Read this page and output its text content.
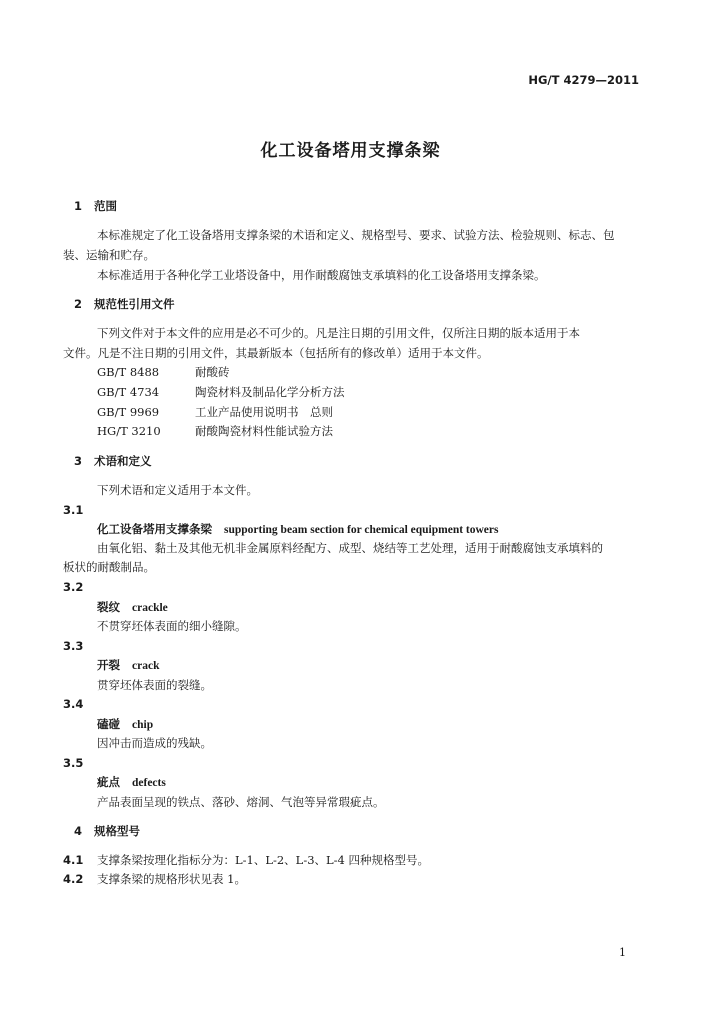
HG/T 4279—2011
化工设备塔用支撑条梁
1 范围
本标准规定了化工设备塔用支撑条梁的术语和定义、规格型号、要求、试验方法、检验规则、标志、包
装、运输和贮存。
本标准适用于各种化学工业塔设备中，用作耐酸腐蚀支承填料的化工设备塔用支撑条梁。
2 规范性引用文件
下列文件对于本文件的应用是必不可少的。凡是注日期的引用文件，仅所注日期的版本适用于本
文件。凡是不注日期的引用文件，其最新版本（包括所有的修改单）适用于本文件。
GB/T 8488	耐酸砖
GB/T 4734	陶瓷材料及制品化学分析方法
GB/T 9969	工业产品使用说明书　总则
HG/T 3210	耐酸陶瓷材料性能试验方法
3 术语和定义
下列术语和定义适用于本文件。
3.1
化工设备塔用支撑条梁 supporting beam section for chemical equipment towers
由氧化铝、黏土及其他无机非金属原料经配方、成型、烧结等工艺处理，适用于耐酸腐蚀支承填料的
板状的耐酸制品。
3.2
裂纹 crackle
不贯穿坯体表面的细小缝隙。
3.3
开裂 crack
贯穿坯体表面的裂缝。
3.4
磕碰 chip
因冲击而造成的残缺。
3.5
疵点 defects
产品表面呈现的铁点、落砂、熔洞、气泡等异常瑕疵点。
4 规格型号
4.1 支撑条梁按理化指标分为：L-1、L-2、L-3、L-4 四种规格型号。
4.2 支撑条梁的规格形状见表 1。
1
